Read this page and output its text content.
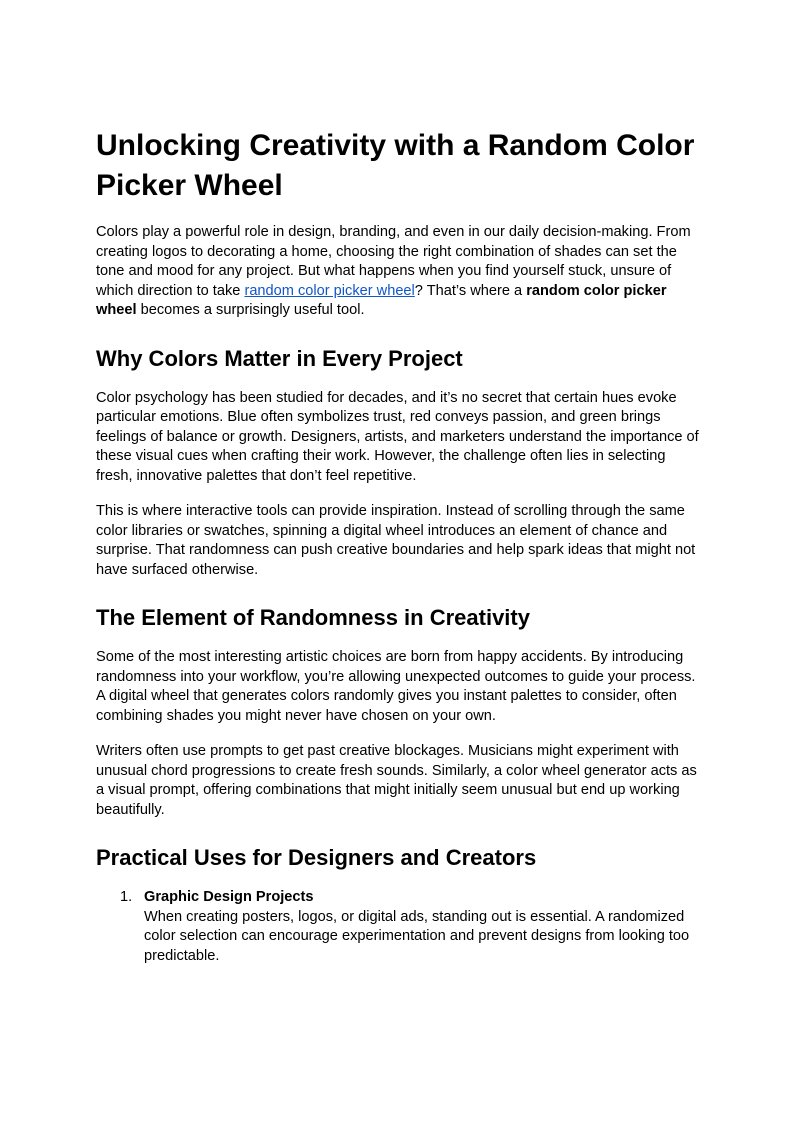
Unlocking Creativity with a Random Color Picker Wheel

Colors play a powerful role in design, branding, and even in our daily decision-making. From creating logos to decorating a home, choosing the right combination of shades can set the tone and mood for any project. But what happens when you find yourself stuck, unsure of which direction to take random color picker wheel? That’s where a random color picker wheel becomes a surprisingly useful tool.

Why Colors Matter in Every Project

Color psychology has been studied for decades, and it’s no secret that certain hues evoke particular emotions. Blue often symbolizes trust, red conveys passion, and green brings feelings of balance or growth. Designers, artists, and marketers understand the importance of these visual cues when crafting their work. However, the challenge often lies in selecting fresh, innovative palettes that don’t feel repetitive.

This is where interactive tools can provide inspiration. Instead of scrolling through the same color libraries or swatches, spinning a digital wheel introduces an element of chance and surprise. That randomness can push creative boundaries and help spark ideas that might not have surfaced otherwise.

The Element of Randomness in Creativity

Some of the most interesting artistic choices are born from happy accidents. By introducing randomness into your workflow, you’re allowing unexpected outcomes to guide your process. A digital wheel that generates colors randomly gives you instant palettes to consider, often combining shades you might never have chosen on your own.

Writers often use prompts to get past creative blockages. Musicians might experiment with unusual chord progressions to create fresh sounds. Similarly, a color wheel generator acts as a visual prompt, offering combinations that might initially seem unusual but end up working beautifully.

Practical Uses for Designers and Creators
1. Graphic Design Projects
When creating posters, logos, or digital ads, standing out is essential. A randomized color selection can encourage experimentation and prevent designs from looking too predictable.
